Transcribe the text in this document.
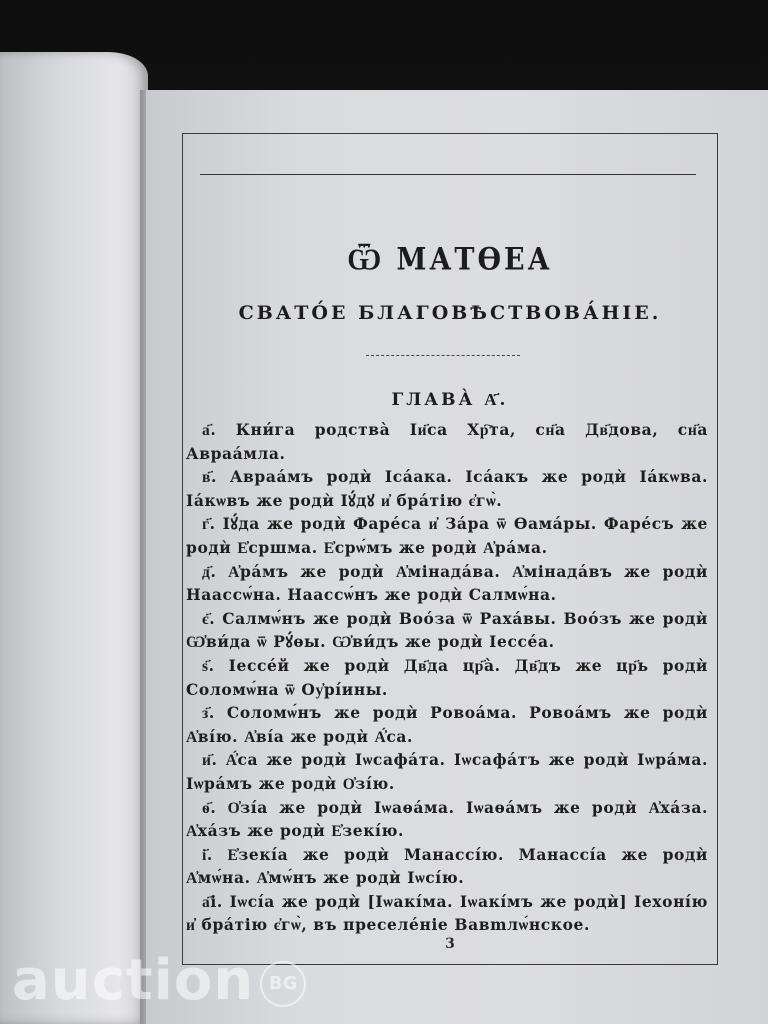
Ѿ МАТѲЕА
СВАТО́Е БЛАГОВѢСТВОВА́НІЕ.
ГЛАВА̀ А҃.

а҃. Кни́га родства̀ Іи҃са Хр҇та, сн҃а Дв҃дова, сн҃а Авраа́мла.

в҃. Авраа́мъ родѝ Іса́ака. Іса́акъ же родѝ Іа́кѡва. Іа́кѡвъ же родѝ Іꙋ́дꙋ и҆ бра́тію є҆гѡ̀.

г҃. Іꙋ́да же родѝ Фаре́са и҆ За́ра ѿ Ѳама́ры. Фаре́съ же родѝ Е҆сршма. Е҆срѡ́мъ же родѝ А҆ра́ма.

д҃. А҆ра́мъ же родѝ А҆мінада́ва. А҆мінада́въ же родѝ Наассѡ́на. Наассѡ́нъ же родѝ Салмѡ́на.

є҃. Салмѡ́нъ же родѝ Воо́за ѿ Раха́вы. Воо́зъ же родѝ Ѡ҆ви́да ѿ Рꙋ́ѳы. Ѡ҆ви́дъ же родѝ Іессе́а.

ѕ҃. Іессе́й же родѝ Дв҃да цр҃а̀. Дв҃дъ же цр҃ь родѝ Соломѡ́на ѿ Оу҆рі́ины.

з҃. Соломѡ́нъ же родѝ Ровоа́ма. Ровоа́мъ же родѝ А҆ві́ю. А҆ві́а же родѝ А҆́са.

и҃. А҆́са же родѝ Іѡсафа́та. Іѡсафа́тъ же родѝ Іѡра́ма. Іѡра́мъ же родѝ О҆зі́ю.

ѳ҃. О҆зі́а же родѝ Іѡаѳа́ма. Іѡаѳа́мъ же родѝ А҆ха́за. А҆ха́зъ же родѝ Е҆зекі́ю.

і҃. Е҆зекі́а же родѝ Манассі́ю. Манассі́а же родѝ А҆мѡ́на. А҆мѡ́нъ же родѝ Іѡсі́ю.

а҃і. Іѡсі́а же родѝ [Іѡакі́ма. Іѡакі́мъ же родѝ] Іехоні́ю и҆ бра́тію є҆гѡ̀, въ преселе́ніе Вавmлѡ́нское.

3
auction BG
